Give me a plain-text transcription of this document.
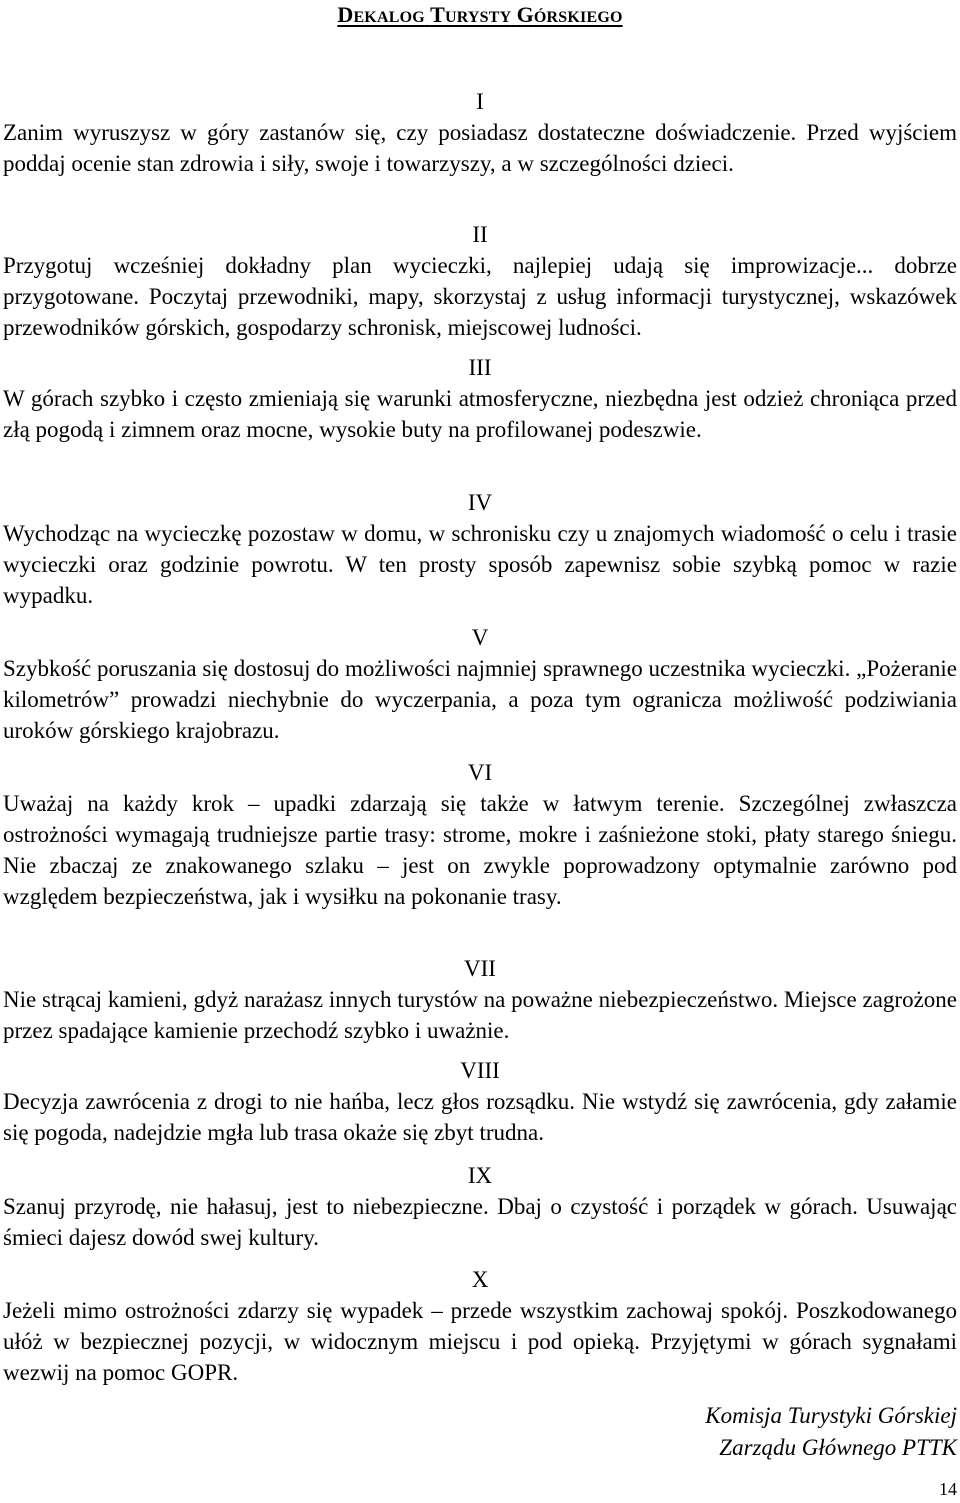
DEKALOG TURYSTY GÓRSKIEGO
I

Zanim wyruszysz w góry zastanów się, czy posiadasz dostateczne doświadczenie. Przed wyjściem poddaj ocenie stan zdrowia i siły, swoje i towarzyszy, a w szczególności dzieci.

II

Przygotuj wcześniej dokładny plan wycieczki, najlepiej udają się improwizacje... dobrze przygotowane. Poczytaj przewodniki, mapy, skorzystaj z usług informacji turystycznej, wskazówek przewodników górskich, gospodarzy schronisk, miejscowej ludności.

III

W górach szybko i często zmieniają się warunki atmosferyczne, niezbędna jest odzież chroniąca przed złą pogodą i zimnem oraz mocne, wysokie buty na profilowanej podeszwie.

IV

Wychodząc na wycieczkę pozostaw w domu, w schronisku czy u znajomych wiadomość o celu i trasie wycieczki oraz godzinie powrotu. W ten prosty sposób zapewnisz sobie szybką pomoc w razie wypadku.

V

Szybkość poruszania się dostosuj do możliwości najmniej sprawnego uczestnika wycieczki. „Pożeranie kilometrów” prowadzi niechybnie do wyczerpania, a poza tym ogranicza możliwość podziwiania uroków górskiego krajobrazu.

VI

Uważaj na każdy krok – upadki zdarzają się także w łatwym terenie. Szczególnej zwłaszcza ostrożności wymagają trudniejsze partie trasy: strome, mokre i zaśnieżone stoki, płaty starego śniegu. Nie zbaczaj ze znakowanego szlaku – jest on zwykle poprowadzony optymalnie zarówno pod względem bezpieczeństwa, jak i wysiłku na pokonanie trasy.

VII

Nie strącaj kamieni, gdyż narażasz innych turystów na poważne niebezpieczeństwo. Miejsce zagrożone przez spadające kamienie przechodź szybko i uważnie.

VIII

Decyzja zawrócenia z drogi to nie hańba, lecz głos rozsądku. Nie wstydź się zawrócenia, gdy załamie się pogoda, nadejdzie mgła lub trasa okaże się zbyt trudna.

IX

Szanuj przyrodę, nie hałasuj, jest to niebezpieczne. Dbaj o czystość i porządek w górach. Usuwając śmieci dajesz dowód swej kultury.

X

Jeżeli mimo ostrożności zdarzy się wypadek – przede wszystkim zachowaj spokój. Poszkodowanego ułóż w bezpiecznej pozycji, w widocznym miejscu i pod opieką. Przyjętymi w górach sygnałami wezwij na pomoc GOPR.

Komisja Turystyki Górskiej
Zarządu Głównego PTTK
14
